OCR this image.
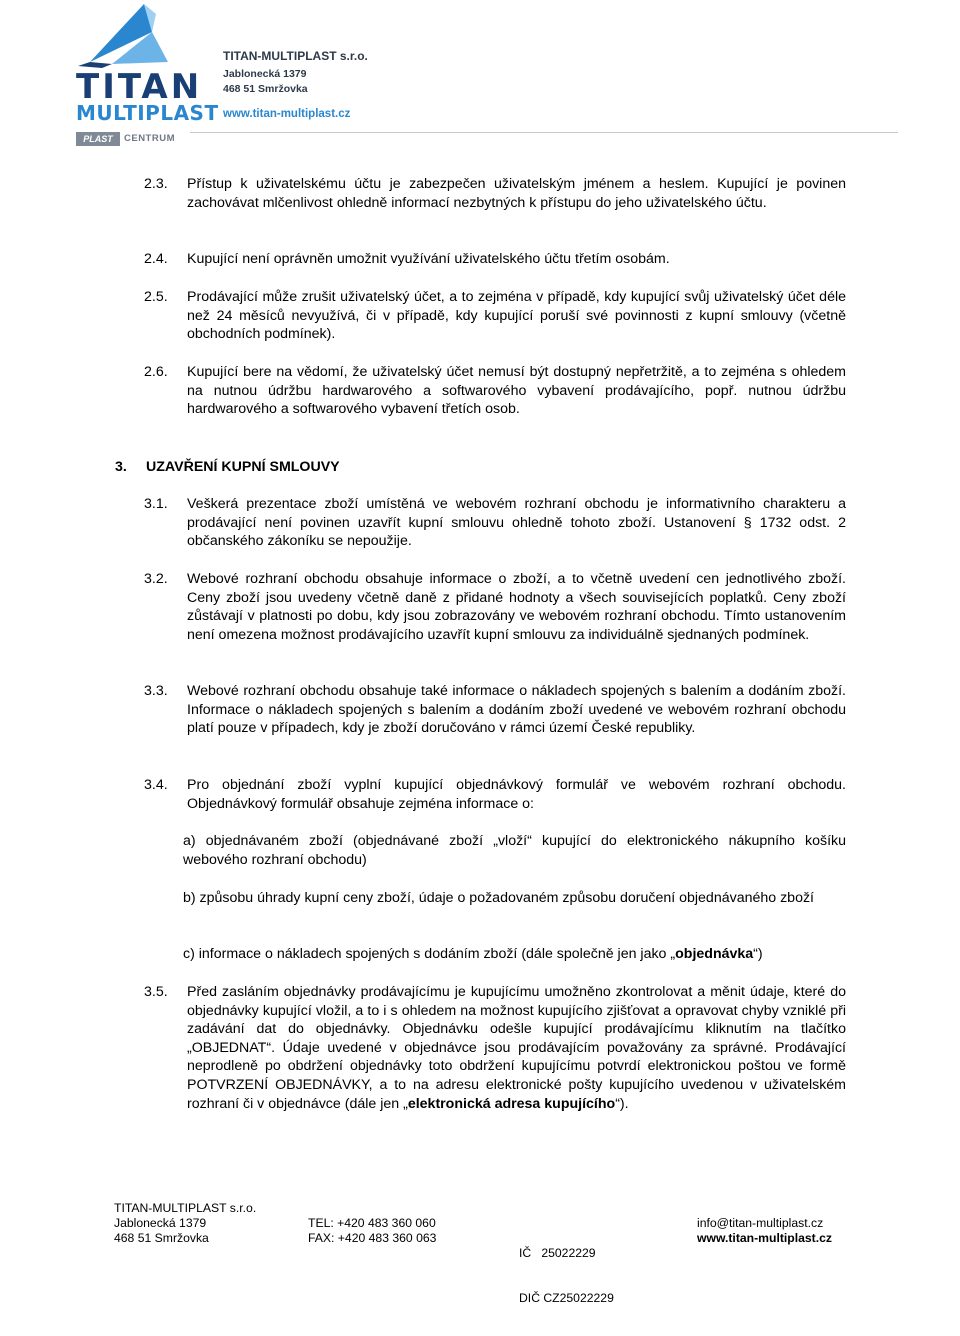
TITAN
MULTIPLAST
PLAST	CENTRUM
TITAN-MULTIPLAST s.r.o.
Jablonecká 1379
468 51 Smržovka
www.titan-multiplast.cz
2.3. Přístup k uživatelskému účtu je zabezpečen uživatelským jménem a heslem. Kupující je povinen zachovávat mlčenlivost ohledně informací nezbytných k přístupu do jeho uživatelského účtu.
2.4. Kupující není oprávněn umožnit využívání uživatelského účtu třetím osobám.
2.5. Prodávající může zrušit uživatelský účet, a to zejména v případě, kdy kupující svůj uživatelský účet déle než 24 měsíců nevyužívá, či v případě, kdy kupující poruší své povinnosti z kupní smlouvy (včetně obchodních podmínek).
2.6. Kupující bere na vědomí, že uživatelský účet nemusí být dostupný nepřetržitě, a to zejména s ohledem na nutnou údržbu hardwarového a softwarového vybavení prodávajícího, popř. nutnou údržbu hardwarového a softwarového vybavení třetích osob.
3. UZAVŘENÍ KUPNÍ SMLOUVY
3.1. Veškerá prezentace zboží umístěná ve webovém rozhraní obchodu je informativního charakteru a prodávající není povinen uzavřít kupní smlouvu ohledně tohoto zboží. Ustanovení § 1732 odst. 2 občanského zákoníku se nepoužije.
3.2. Webové rozhraní obchodu obsahuje informace o zboží, a to včetně uvedení cen jednotlivého zboží. Ceny zboží jsou uvedeny včetně daně z přidané hodnoty a všech souvisejících poplatků. Ceny zboží zůstávají v platnosti po dobu, kdy jsou zobrazovány ve webovém rozhraní obchodu. Tímto ustanovením není omezena možnost prodávajícího uzavřít kupní smlouvu za individuálně sjednaných podmínek.
3.3. Webové rozhraní obchodu obsahuje také informace o nákladech spojených s balením a dodáním zboží. Informace o nákladech spojených s balením a dodáním zboží uvedené ve webovém rozhraní obchodu platí pouze v případech, kdy je zboží doručováno v rámci území České republiky.
3.4. Pro objednání zboží vyplní kupující objednávkový formulář ve webovém rozhraní obchodu. Objednávkový formulář obsahuje zejména informace o:
a) objednávaném zboží (objednávané zboží „vloží“ kupující do elektronického nákupního košíku webového rozhraní obchodu)
b) způsobu úhrady kupní ceny zboží, údaje o požadovaném způsobu doručení objednávaného zboží
c) informace o nákladech spojených s dodáním zboží (dále společně jen jako „objednávka“)
3.5. Před zasláním objednávky prodávajícímu je kupujícímu umožněno zkontrolovat a měnit údaje, které do objednávky kupující vložil, a to i s ohledem na možnost kupujícího zjišťovat a opravovat chyby vzniklé při zadávání dat do objednávky. Objednávku odešle kupující prodávajícímu kliknutím na tlačítko „OBJEDNAT“. Údaje uvedené v objednávce jsou prodávajícím považovány za správné. Prodávající neprodleně po obdržení objednávky toto obdržení kupujícímu potvrdí elektronickou poštou ve formě POTVRZENÍ OBJEDNÁVKY, a to na adresu elektronické pošty kupujícího uvedenou v uživatelském rozhraní či v objednávce (dále jen „elektronická adresa kupujícího“).
TITAN-MULTIPLAST s.r.o.
Jablonecká 1379
468 51 Smržovka
TEL: +420 483 360 060
FAX: +420 483 360 063

IČ   25022229

DIČ CZ25022229

info@titan-multiplast.cz
www.titan-multiplast.cz
